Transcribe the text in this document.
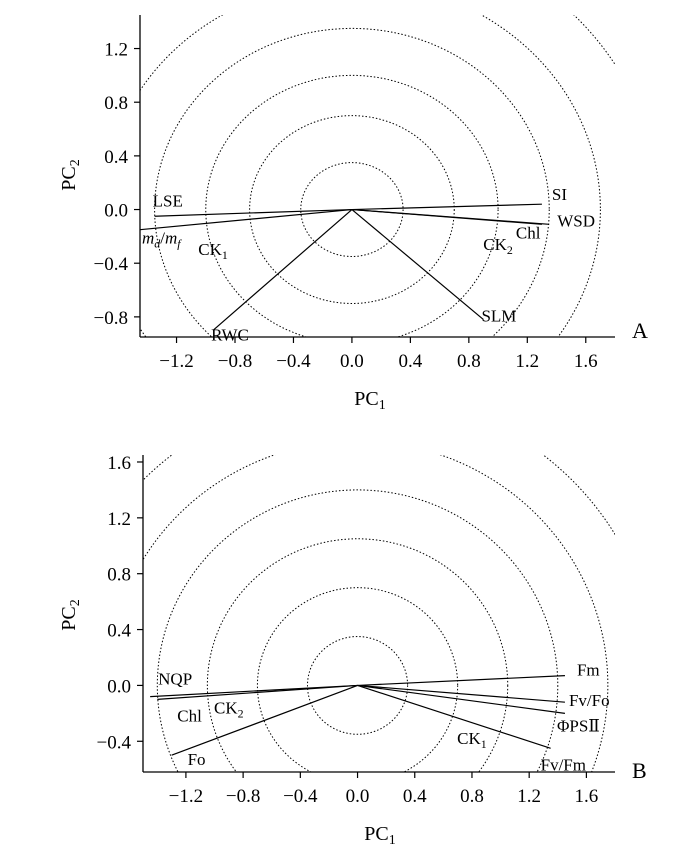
LSE
$m_d/m_f$
RWC
SI
WSD
Chl
SLM
$CK_1$
$CK_2$
−1.2 −0.8 −0.4 0.0 0.4 0.8 1.2 1.6
1.2
0.8
0.4
0.0
−0.4
−0.8
$PC_1$
$PC_2$
A
NQP
Chl
Fo
Fm
Fv/Fo
ΦPSⅡ
Fv/Fm
$CK_2$
$CK_1$
−1.2 −0.8 −0.4 0.0 0.4 0.8 1.2 1.6
1.6
1.2
0.8
0.4
0.0
−0.4
$PC_1$
$PC_2$
B
